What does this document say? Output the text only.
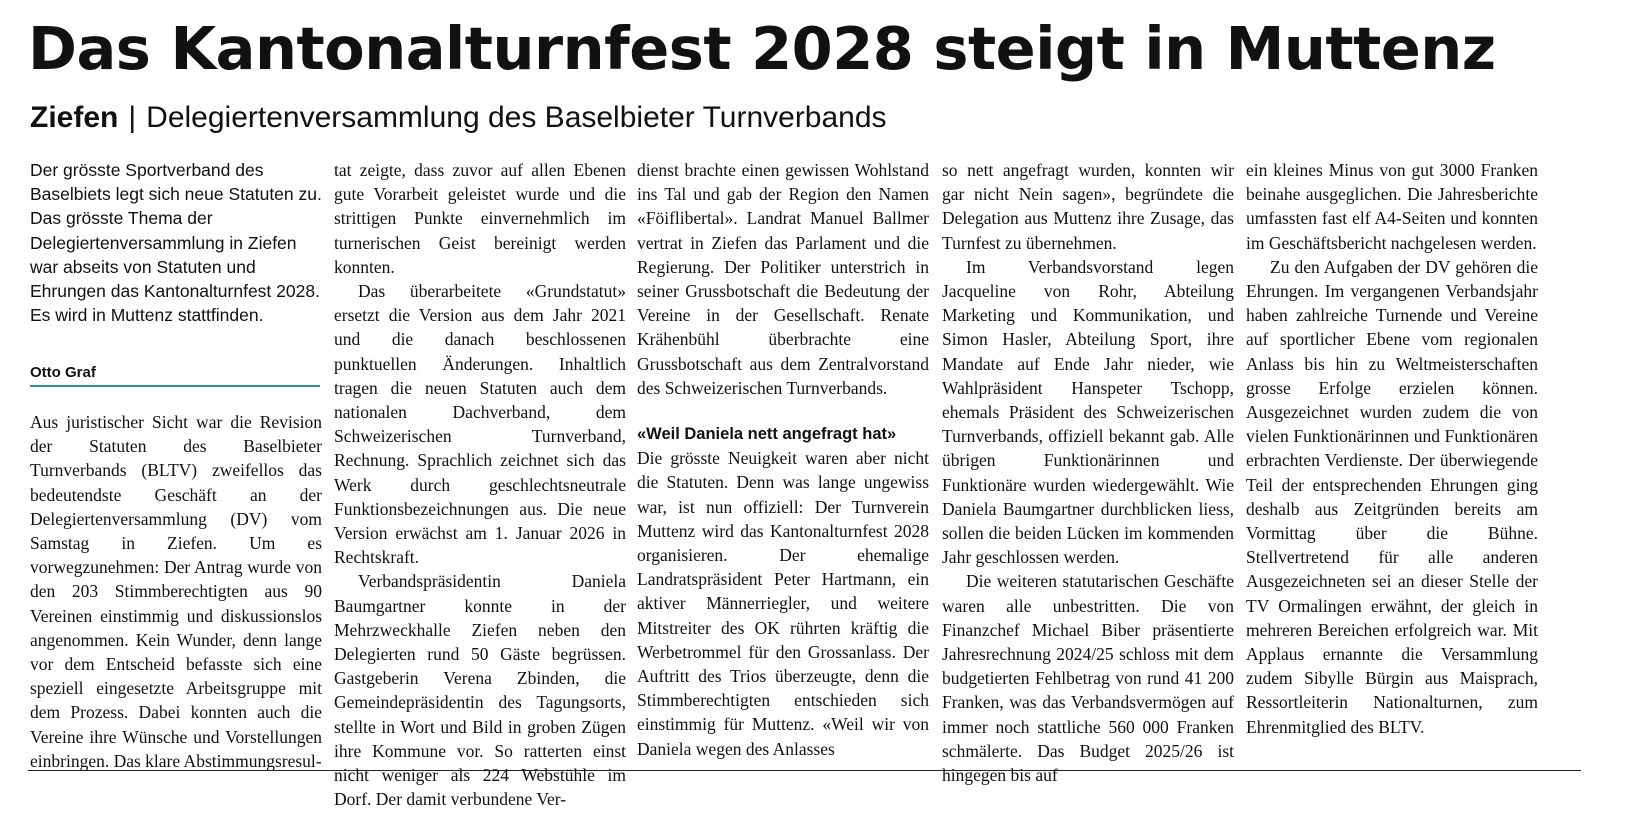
Das Kantonalturnfest 2028 steigt in Muttenz
Ziefen | Delegiertenversammlung des Baselbieter Turnverbands

Der grösste Sportverband des Baselbiets legt sich neue Statuten zu. Das grösste Thema der Delegiertenversammlung in Ziefen war abseits von Statuten und Ehrungen das Kantonalturnfest 2028. Es wird in Muttenz stattfinden.

Otto Graf

Aus juristischer Sicht war die Revision der Statuten des Baselbieter Turnverbands (BLTV) zweifellos das bedeutendste Geschäft an der Delegiertenversammlung (DV) vom Samstag in Ziefen. Um es vorwegzunehmen: Der Antrag wurde von den 203 Stimmberechtigten aus 90 Vereinen einstimmig und diskussionslos angenommen. Kein Wunder, denn lange vor dem Entscheid befasste sich eine speziell eingesetzte Arbeitsgruppe mit dem Prozess. Dabei konnten auch die Vereine ihre Wünsche und Vorstellungen einbringen. Das klare Abstimmungsresul-

tat zeigte, dass zuvor auf allen Ebenen gute Vorarbeit geleistet wurde und die strittigen Punkte einvernehmlich im turnerischen Geist bereinigt werden konnten.

Das überarbeitete «Grundstatut» ersetzt die Version aus dem Jahr 2021 und die danach beschlossenen punktuellen Änderungen. Inhaltlich tragen die neuen Statuten auch dem nationalen Dachverband, dem Schweizerischen Turnverband, Rechnung. Sprachlich zeichnet sich das Werk durch geschlechtsneutrale Funktionsbezeichnungen aus. Die neue Version erwächst am 1. Januar 2026 in Rechtskraft.

Verbandspräsidentin Daniela Baumgartner konnte in der Mehrzweckhalle Ziefen neben den Delegierten rund 50 Gäste begrüssen. Gastgeberin Verena Zbinden, die Gemeindepräsidentin des Tagungsorts, stellte in Wort und Bild in groben Zügen ihre Kommune vor. So ratterten einst nicht weniger als 224 Webstühle im Dorf. Der damit verbundene Ver-

dienst brachte einen gewissen Wohlstand ins Tal und gab der Region den Namen «Föiflibertal». Landrat Manuel Ballmer vertrat in Ziefen das Parlament und die Regierung. Der Politiker unterstrich in seiner Grussbotschaft die Bedeutung der Vereine in der Gesellschaft. Renate Krähenbühl überbrachte eine Grussbotschaft aus dem Zentralvorstand des Schweizerischen Turnverbands.

«Weil Daniela nett angefragt hat»

Die grösste Neuigkeit waren aber nicht die Statuten. Denn was lange ungewiss war, ist nun offiziell: Der Turnverein Muttenz wird das Kantonalturnfest 2028 organisieren. Der ehemalige Landratspräsident Peter Hartmann, ein aktiver Männerriegler, und weitere Mitstreiter des OK rührten kräftig die Werbetrommel für den Grossanlass. Der Auftritt des Trios überzeugte, denn die Stimmberechtigten entschieden sich einstimmig für Muttenz. «Weil wir von Daniela wegen des Anlasses

so nett angefragt wurden, konnten wir gar nicht Nein sagen», begründete die Delegation aus Muttenz ihre Zusage, das Turnfest zu übernehmen.

Im Verbandsvorstand legen Jacqueline von Rohr, Abteilung Marketing und Kommunikation, und Simon Hasler, Abteilung Sport, ihre Mandate auf Ende Jahr nieder, wie Wahlpräsident Hanspeter Tschopp, ehemals Präsident des Schweizerischen Turnverbands, offiziell bekannt gab. Alle übrigen Funktionärinnen und Funktionäre wurden wiedergewählt. Wie Daniela Baumgartner durchblicken liess, sollen die beiden Lücken im kommenden Jahr geschlossen werden.

Die weiteren statutarischen Geschäfte waren alle unbestritten. Die von Finanzchef Michael Biber präsentierte Jahresrechnung 2024/25 schloss mit dem budgetierten Fehlbetrag von rund 41 200 Franken, was das Verbandsvermögen auf immer noch stattliche 560 000 Franken schmälerte. Das Budget 2025/26 ist hingegen bis auf

ein kleines Minus von gut 3000 Franken beinahe ausgeglichen. Die Jahresberichte umfassten fast elf A4-Seiten und konnten im Geschäftsbericht nachgelesen werden.

Zu den Aufgaben der DV gehören die Ehrungen. Im vergangenen Verbandsjahr haben zahlreiche Turnende und Vereine auf sportlicher Ebene vom regionalen Anlass bis hin zu Weltmeisterschaften grosse Erfolge erzielen können. Ausgezeichnet wurden zudem die von vielen Funktionärinnen und Funktionären erbrachten Verdienste. Der überwiegende Teil der entsprechenden Ehrungen ging deshalb aus Zeitgründen bereits am Vormittag über die Bühne. Stellvertretend für alle anderen Ausgezeichneten sei an dieser Stelle der TV Ormalingen erwähnt, der gleich in mehreren Bereichen erfolgreich war. Mit Applaus ernannte die Versammlung zudem Sibylle Bürgin aus Maisprach, Ressortleiterin Nationalturnen, zum Ehrenmitglied des BLTV.
